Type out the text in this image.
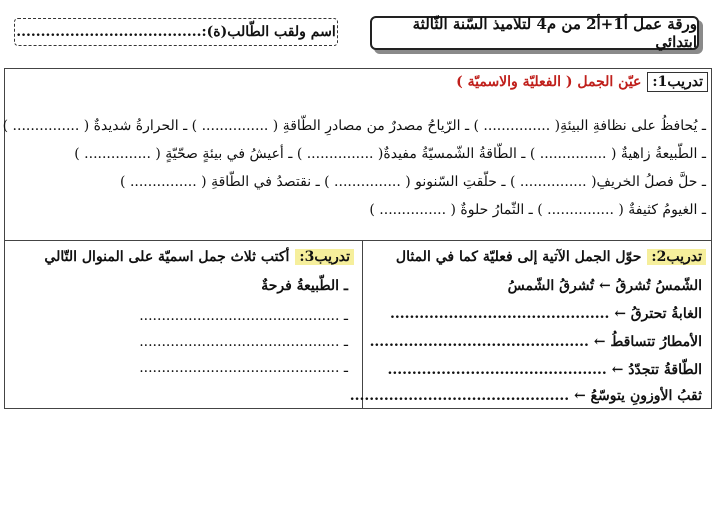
ورقة عمل أ1+أ2 من م4 لتلاميذ السّنة الثّالثة ابتدائي
اسم ولقب الطّالب(ة):......................................
تدريب1:
عيّن الجمل ( الفعليّة والاسميّة )
ـ يُحافظُ على نظافةِ البيئةِ( ............... ) ـ الرّياحُ مصدرٌ من مصادرِ الطّاقةِ ( ............... ) ـ الحرارةُ شديدةٌ ( ............... )
ـ الطّبيعةُ زاهيةٌ ( ............... ) ـ الطّاقةُ الشّمسيّةُ مفيدةٌ( ............... ) ـ أعيشُ في بيئةٍ صحّيّةٍ ( ............... )
ـ حلَّ فصلُ الخريفِ( ............... ) ـ حلّقتِ السّنونو ( ............... ) ـ نقتصدُ في الطّاقةِ ( ............... )
ـ الغيومُ كثيفةٌ ( ............... ) ـ الثّمارُ حلوةٌ ( ............... )
تدريب2:
حوّل الجمل الآتية إلى فعليّة كما في المثال
الشّمسُ تُشرقُ ← تُشرقُ الشّمسُ
الغابةُ تحترقُ ← .............................................
الأمطارُ تتساقطُ ← .............................................
الطّاقةُ تتجدّدُ ← .............................................
ثقبُ الأوزونِ يتوسّعُ ← .............................................
تدريب3:
أكتب ثلاث جمل اسميّة على المنوال التّالي
ـ الطّبيعةُ فرحةٌ
ـ .............................................
ـ .............................................
ـ .............................................
